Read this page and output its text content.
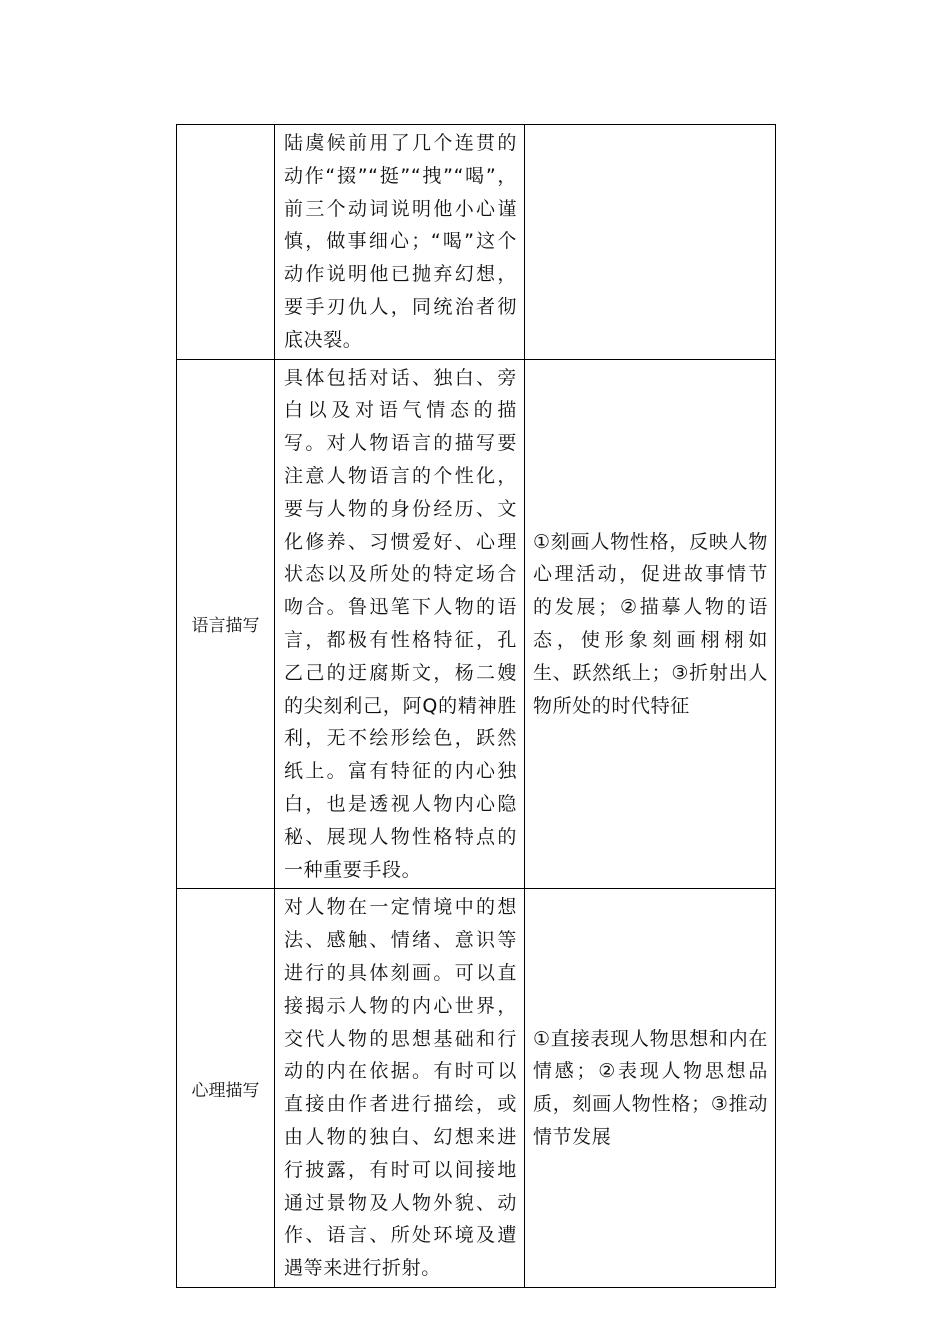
	陆虞候前用了几个连贯的动作“掇”“挺”“拽”“喝”，前三个动词说明他小心谨慎，做事细心；“喝”这个动作说明他已抛弃幻想，要手刃仇人，同统治者彻底决裂。	

语言描写	具体包括对话、独白、旁白以及对语气情态的描写。对人物语言的描写要注意人物语言的个性化，要与人物的身份经历、文化修养、习惯爱好、心理状态以及所处的特定场合吻合。鲁迅笔下人物的语言，都极有性格特征，孔乙己的迂腐斯文，杨二嫂的尖刻利己，阿Q的精神胜利，无不绘形绘色，跃然纸上。富有特征的内心独白，也是透视人物内心隐秘、展现人物性格特点的一种重要手段。	①刻画人物性格，反映人物心理活动，促进故事情节的发展；②描摹人物的语态，使形象刻画栩栩如生、跃然纸上；③折射出人物所处的时代特征

心理描写	对人物在一定情境中的想法、感触、情绪、意识等进行的具体刻画。可以直接揭示人物的内心世界，交代人物的思想基础和行动的内在依据。有时可以直接由作者进行描绘，或由人物的独白、幻想来进行披露，有时可以间接地通过景物及人物外貌、动作、语言、所处环境及遭遇等来进行折射。	①直接表现人物思想和内在情感；②表现人物思想品质，刻画人物性格；③推动情节发展
